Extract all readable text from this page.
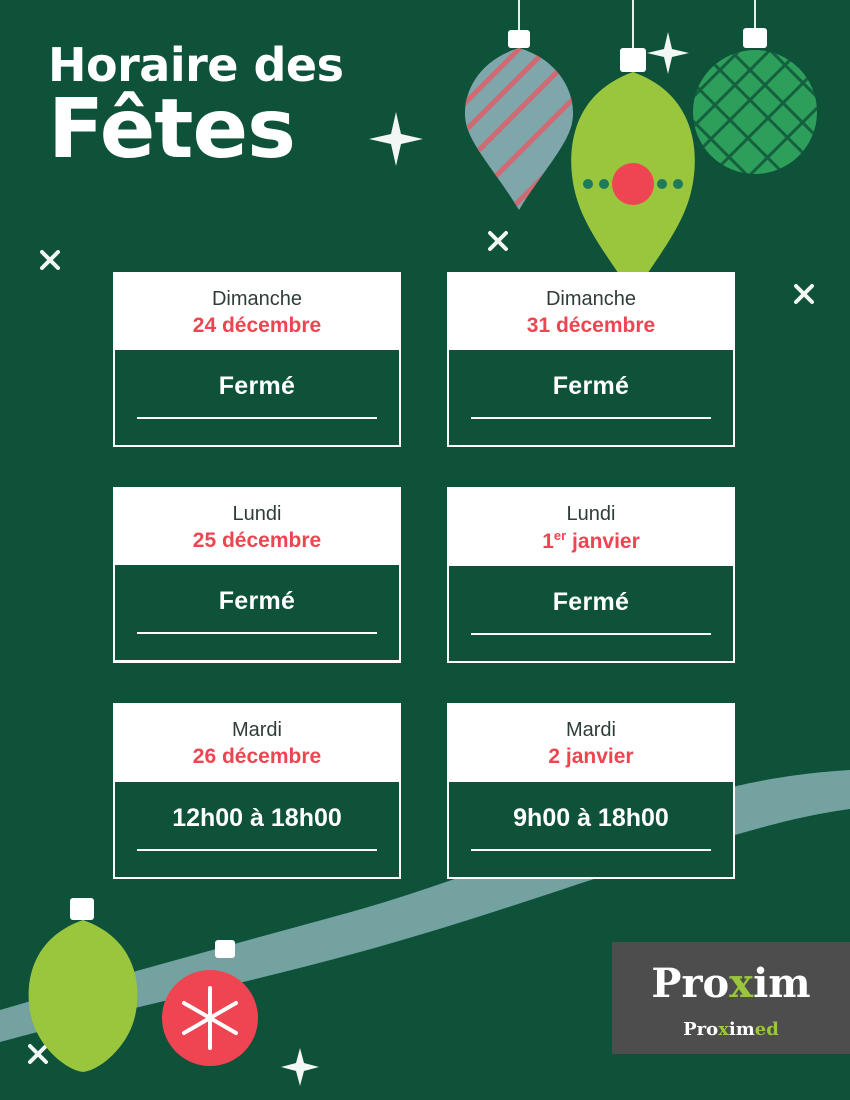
Horaire des
Fêtes
Dimanche
24 décembre
Fermé
Dimanche
31 décembre
Fermé
Lundi
25 décembre
Fermé
Lundi
1er janvier
Fermé
Mardi
26 décembre
12h00 à 18h00
Mardi
2 janvier
9h00 à 18h00
Proxim
Proximed
